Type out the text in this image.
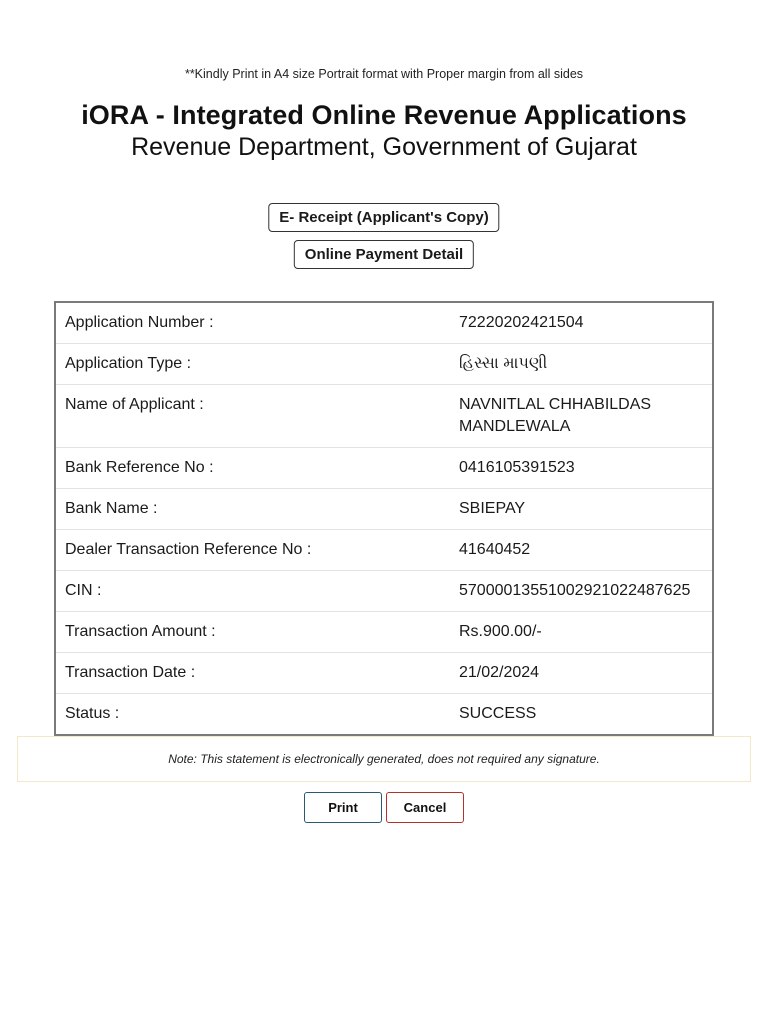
**Kindly Print in A4 size Portrait format with Proper margin from all sides
iORA - Integrated Online Revenue Applications
Revenue Department, Government of Gujarat
E- Receipt (Applicant's Copy)
Online Payment Detail
Application Number :	72220202421504
Application Type :	હિસ્સા માપણી
Name of Applicant :	NAVNITLAL CHHABILDAS MANDLEWALA
Bank Reference No :	0416105391523
Bank Name :	SBIEPAY
Dealer Transaction Reference No :	41640452
CIN :	57000013551002921022487625
Transaction Amount :	Rs.900.00/-
Transaction Date :	21/02/2024
Status :	SUCCESS
Note: This statement is electronically generated, does not required any signature.
Print	Cancel
